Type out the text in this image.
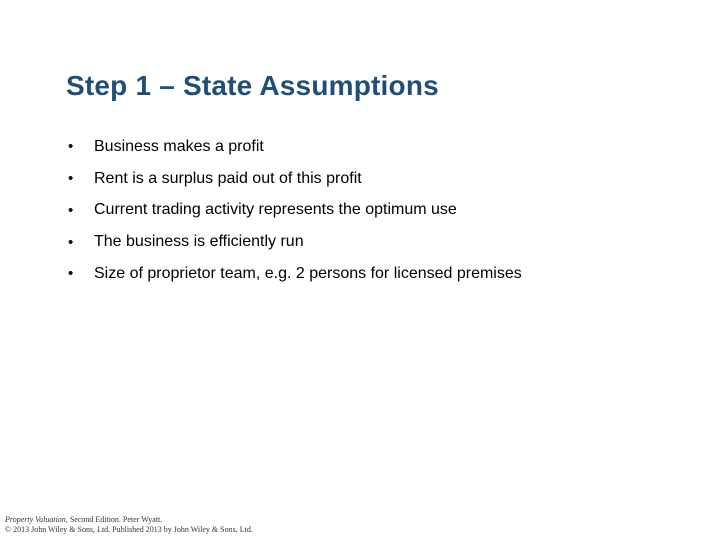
Step 1 – State Assumptions
•	Business makes a profit
•	Rent is a surplus paid out of this profit
•	Current trading activity represents the optimum use
•	The business is efficiently run
•	Size of proprietor team, e.g. 2 persons for licensed premises
Property Valuation, Second Edition. Peter Wyatt.
© 2013 John Wiley & Sons, Ltd. Published 2013 by John Wiley & Sons, Ltd.
